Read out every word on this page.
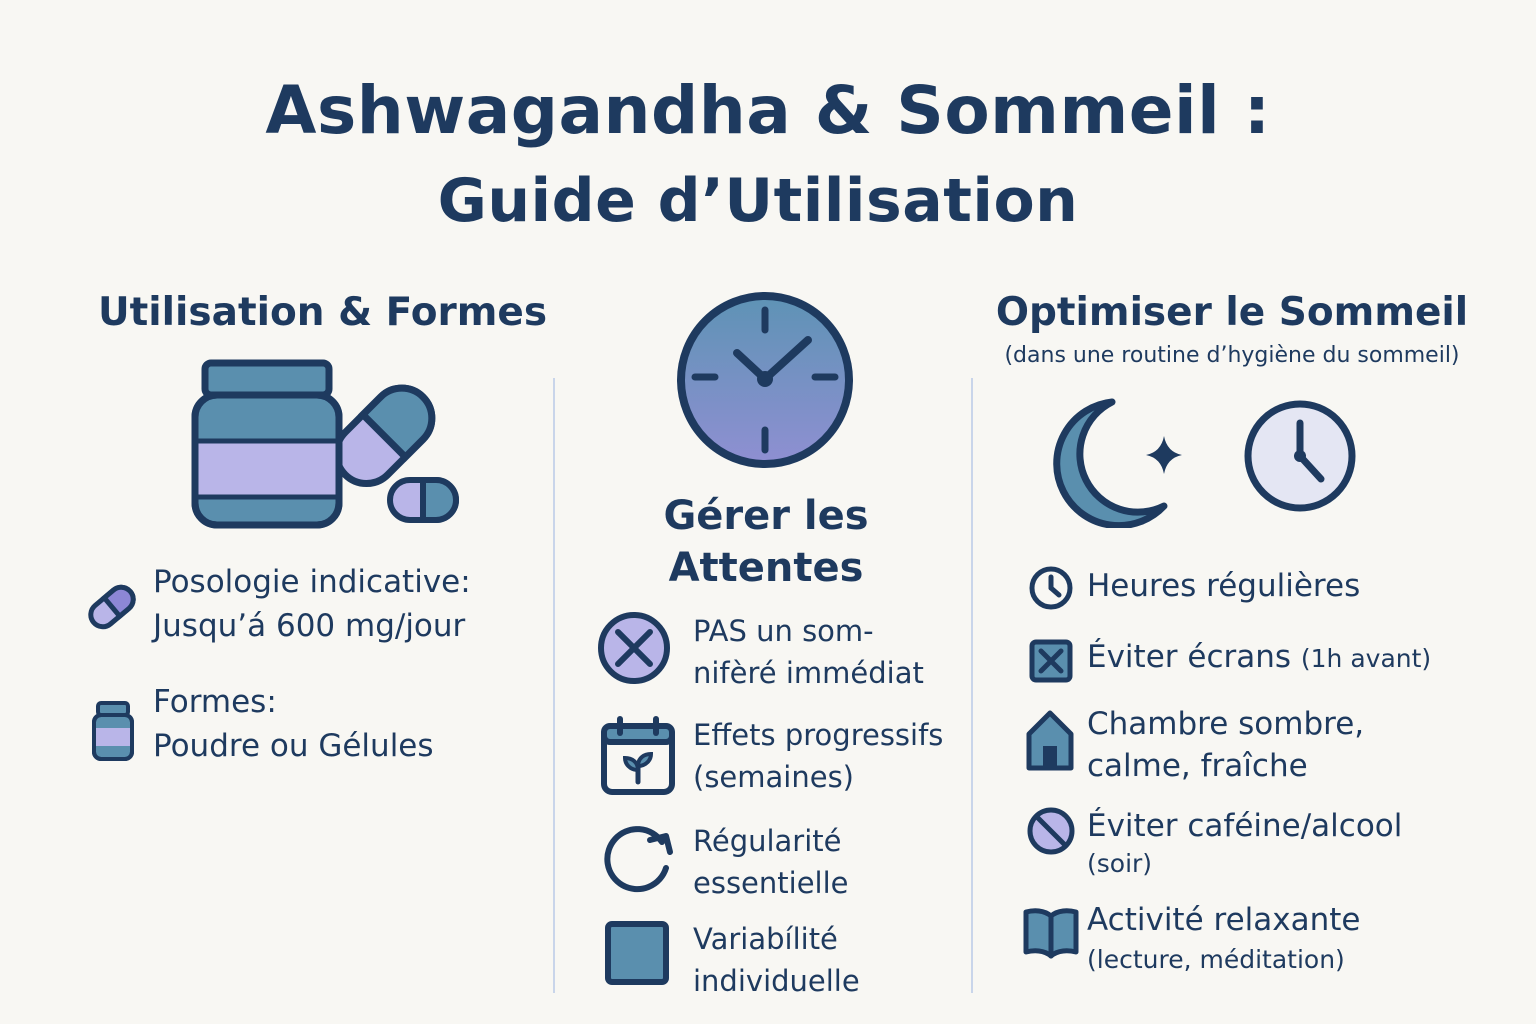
Ashwagandha & Sommeil :
Guide d’Utilisation
Utilisation & Formes
Posologie indicative:
Jusqu’á 600 mg/jour
Formes:
Poudre ou Gélules
Gérer les
Attentes
PAS un som-
nifèré immédiat
Effets progressifs
(semaines)
Régularité
essentielle
Variabílité
individuelle
Optimiser le Sommeil
(dans une routine d’hygiène du sommeil)
Heures régulières
Éviter écrans (1h avant)
Chambre sombre,
calme, fraîche
Éviter caféine/alcool
(soir)
Activité relaxante
(lecture, méditation)
